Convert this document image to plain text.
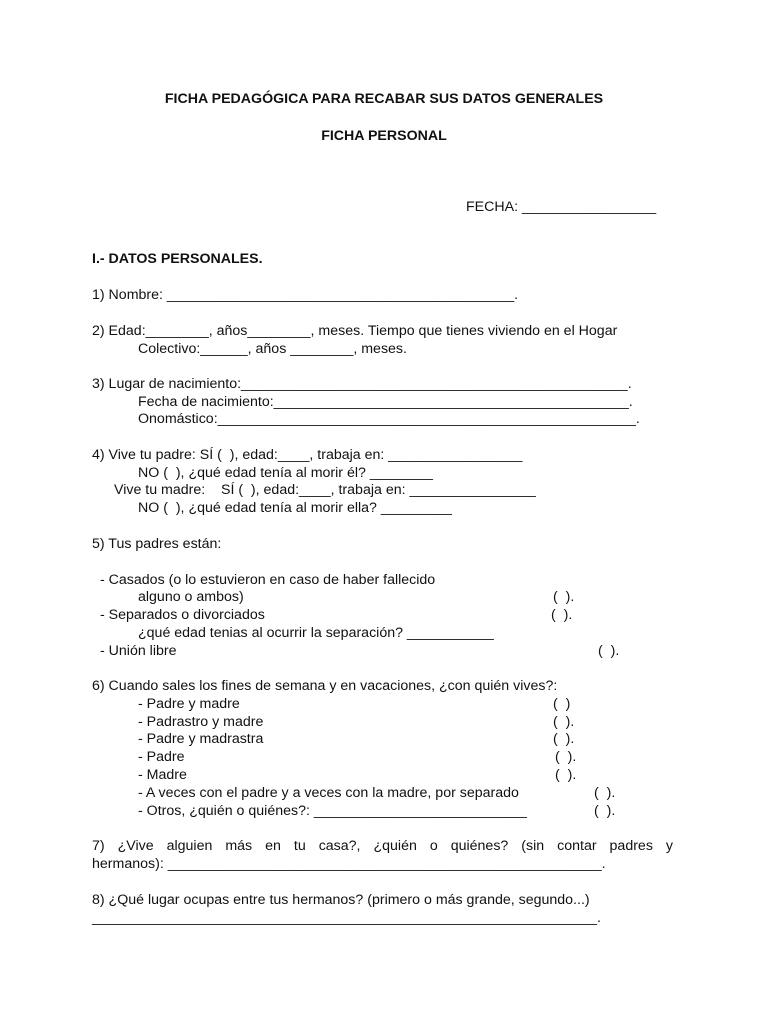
FICHA PEDAGÓGICA PARA RECABAR SUS DATOS GENERALES
FICHA PERSONAL
FECHA: _________________
I.- DATOS PERSONALES.
1) Nombre: ____________________________________________.
2) Edad:________, años________, meses. Tiempo que tienes viviendo en el Hogar
Colectivo:______, años ________, meses.
3) Lugar de nacimiento:_________________________________________________.
Fecha de nacimiento:_____________________________________________.
Onomástico:_____________________________________________________.
4) Vive tu padre: SÍ (  ), edad:____, trabaja en: _________________
NO (  ), ¿qué edad tenía al morir él? ________
Vive tu madre:    SÍ (  ), edad:____, trabaja en: ________________
NO (  ), ¿qué edad tenía al morir ella? _________
5) Tus padres están:
- Casados (o lo estuvieron en caso de haber fallecido
alguno o ambos)	(  ).
- Separados o divorciados	(  ).
¿qué edad tenias al ocurrir la separación? ___________
- Unión libre	(  ).
6) Cuando sales los fines de semana y en vacaciones, ¿con quién vives?:
- Padre y madre	(  )
- Padrastro y madre	(  ).
- Padre y madrastra	(  ).
- Padre	(  ).
- Madre	(  ).
- A veces con el padre y a veces con la madre, por separado	(  ).
- Otros, ¿quién o quiénes?: ___________________________	(  ).
7) ¿Vive alguien más en tu casa?, ¿quién o quiénes? (sin contar padres y
hermanos): _______________________________________________________.
8) ¿Qué lugar ocupas entre tus hermanos? (primero o más grande, segundo...)
________________________________________________________________.
